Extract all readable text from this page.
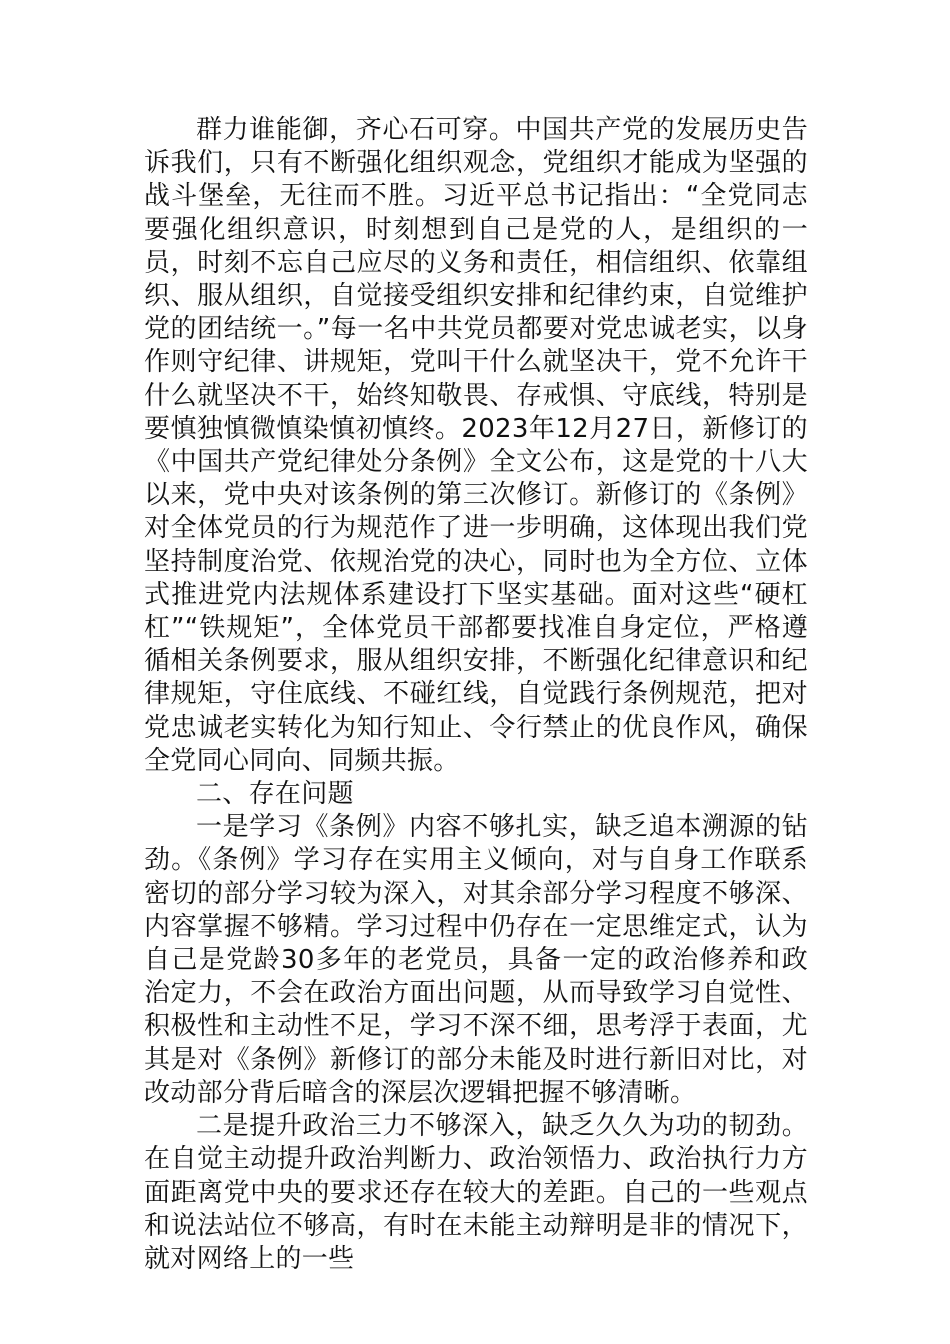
群力谁能御，齐心石可穿。中国共产党的发展历史告诉我们，只有不断强化组织观念，党组织才能成为坚强的战斗堡垒，无往而不胜。习近平总书记指出：“全党同志要强化组织意识，时刻想到自己是党的人，是组织的一员，时刻不忘自己应尽的义务和责任，相信组织、依靠组织、服从组织，自觉接受组织安排和纪律约束，自觉维护党的团结统一。”每一名中共党员都要对党忠诚老实，以身作则守纪律、讲规矩，党叫干什么就坚决干，党不允许干什么就坚决不干，始终知敬畏、存戒惧、守底线，特别是要慎独慎微慎染慎初慎终。2023年12月27日，新修订的《中国共产党纪律处分条例》全文公布，这是党的十八大以来，党中央对该条例的第三次修订。新修订的《条例》对全体党员的行为规范作了进一步明确，这体现出我们党坚持制度治党、依规治党的决心，同时也为全方位、立体式推进党内法规体系建设打下坚实基础。面对这些“硬杠杠”“铁规矩”，全体党员干部都要找准自身定位，严格遵循相关条例要求，服从组织安排，不断强化纪律意识和纪律规矩，守住底线、不碰红线，自觉践行条例规范，把对党忠诚老实转化为知行知止、令行禁止的优良作风，确保全党同心同向、同频共振。

二、存在问题

一是学习《条例》内容不够扎实，缺乏追本溯源的钻劲。《条例》学习存在实用主义倾向，对与自身工作联系密切的部分学习较为深入，对其余部分学习程度不够深、内容掌握不够精。学习过程中仍存在一定思维定式，认为自己是党龄30多年的老党员，具备一定的政治修养和政治定力，不会在政治方面出问题，从而导致学习自觉性、积极性和主动性不足，学习不深不细，思考浮于表面，尤其是对《条例》新修订的部分未能及时进行新旧对比，对改动部分背后暗含的深层次逻辑把握不够清晰。

二是提升政治三力不够深入，缺乏久久为功的韧劲。在自觉主动提升政治判断力、政治领悟力、政治执行力方面距离党中央的要求还存在较大的差距。自己的一些观点和说法站位不够高，有时在未能主动辩明是非的情况下，就对网络上的一些
